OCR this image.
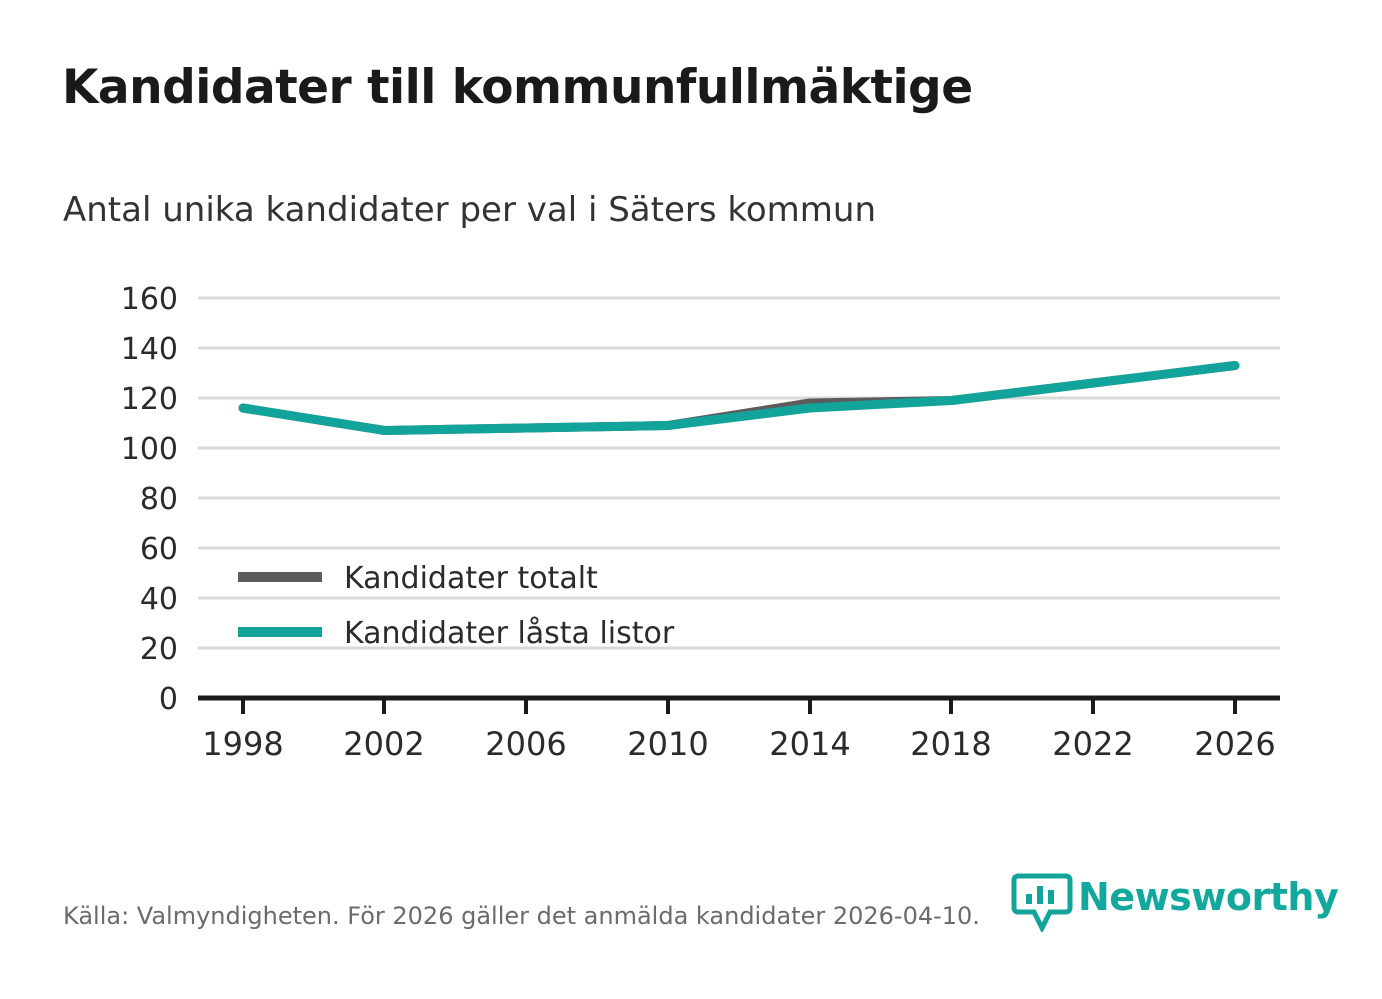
Kandidater till kommunfullmäktige
Antal unika kandidater per val i Säters kommun
160
140
120
100
80
60
40
20
0
1998 2002 2006 2010 2014 2018 2022 2026
Kandidater totalt
Kandidater låsta listor
Källa: Valmyndigheten. För 2026 gäller det anmälda kandidater 2026-04-10.	Newsworthy
